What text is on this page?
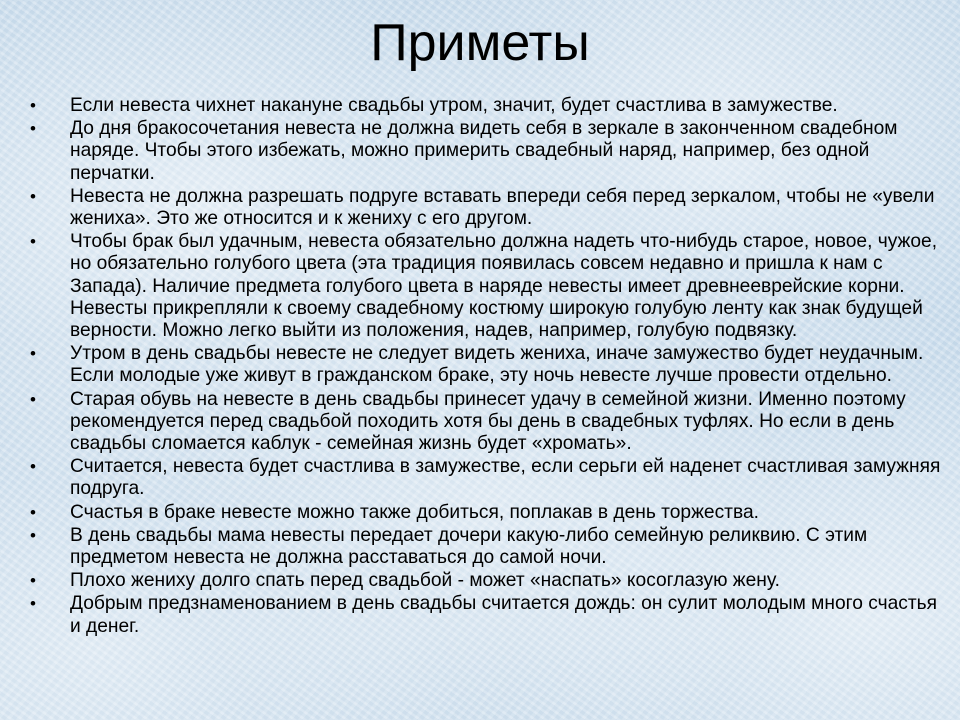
Приметы
• Если невеста чихнет накануне свадьбы утром, значит, будет счастлива в замужестве.
• До дня бракосочетания невеста не должна видеть себя в зеркале в законченном свадебном наряде. Чтобы этого избежать, можно примерить свадебный наряд, например, без одной перчатки.
• Невеста не должна разрешать подруге вставать впереди себя перед зеркалом, чтобы не «увели жениха». Это же относится и к жениху с его другом.
• Чтобы брак был удачным, невеста обязательно должна надеть что-нибудь старое, новое, чужое, но обязательно голубого цвета (эта традиция появилась совсем недавно и пришла к нам с Запада). Наличие предмета голубого цвета в наряде невесты имеет древнееврейские корни. Невесты прикрепляли к своему свадебному костюму широкую голубую ленту как знак будущей верности. Можно легко выйти из положения, надев, например, голубую подвязку.
• Утром в день свадьбы невесте не следует видеть жениха, иначе замужество будет неудачным. Если молодые уже живут в гражданском браке, эту ночь невесте лучше провести отдельно.
• Старая обувь на невесте в день свадьбы принесет удачу в семейной жизни. Именно поэтому рекомендуется перед свадьбой походить хотя бы день в свадебных туфлях. Но если в день свадьбы сломается каблук - семейная жизнь будет «хромать».
• Считается, невеста будет счастлива в замужестве, если серьги ей наденет счастливая замужняя подруга.
• Счастья в браке невесте можно также добиться, поплакав в день торжества.
• В день свадьбы мама невесты передает дочери какую-либо семейную реликвию. С этим предметом невеста не должна расставаться до самой ночи.
• Плохо жениху долго спать перед свадьбой - может «наспать» косоглазую жену.
• Добрым предзнаменованием в день свадьбы считается дождь: он сулит молодым много счастья и денег.
